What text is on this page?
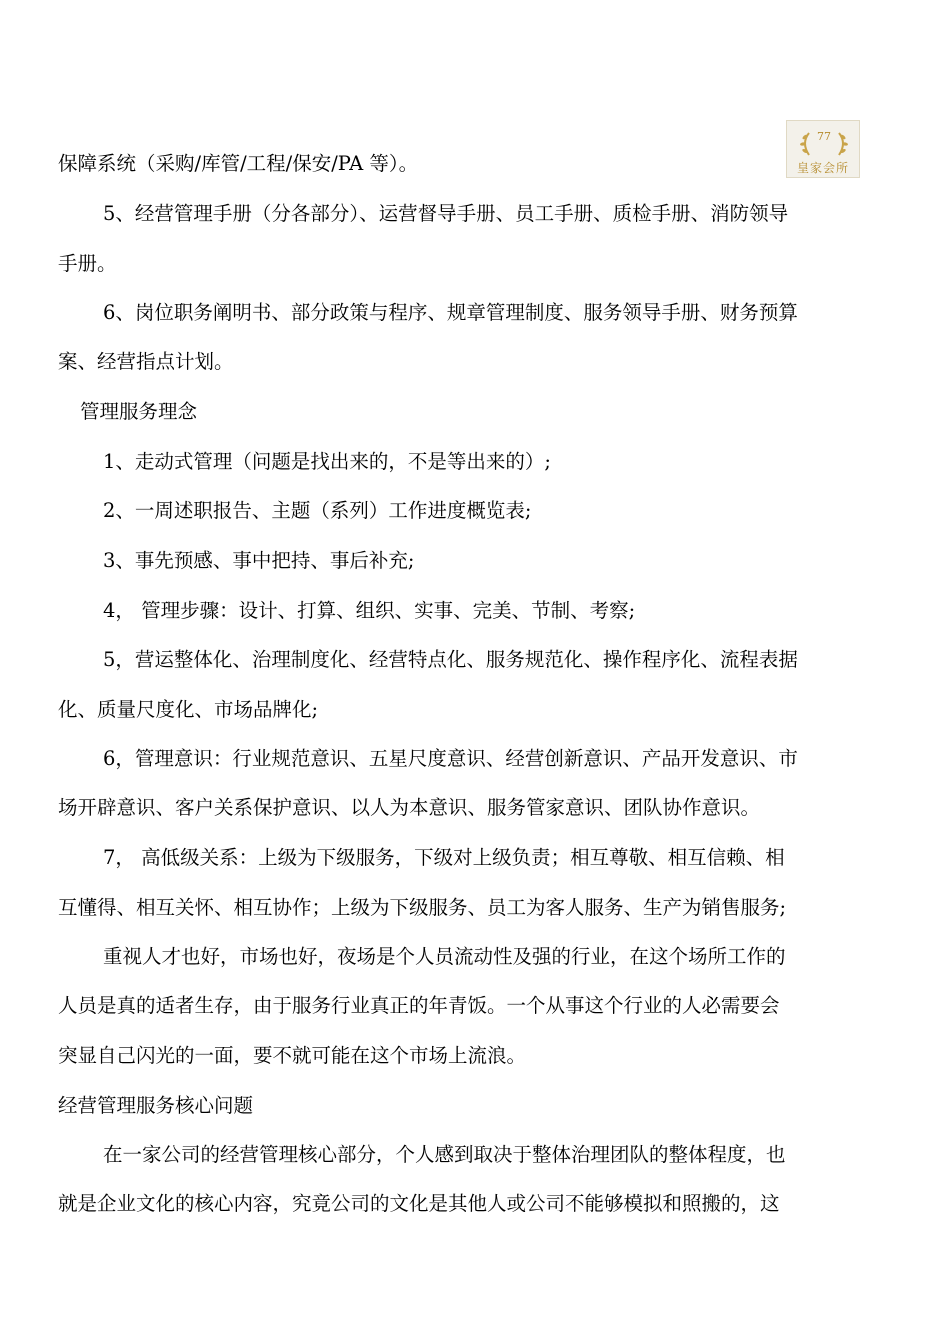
77
皇家会所
保障系统（采购/库管/工程/保安/PA 等）。
5、经营管理手册（分各部分）、运营督导手册、员工手册、质检手册、消防领导
手册。
6、岗位职务阐明书、部分政策与程序、规章管理制度、服务领导手册、财务预算
案、经营指点计划。
管理服务理念
1、走动式管理（问题是找出来的，不是等出来的）;
2、一周述职报告、主题（系列）工作进度概览表;
3、事先预感、事中把持、事后补充;
4， 管理步骤：设计、打算、组织、实事、完美、节制、考察;
5，营运整体化、治理制度化、经营特点化、服务规范化、操作程序化、流程表据
化、质量尺度化、市场品牌化;
6，管理意识：行业规范意识、五星尺度意识、经营创新意识、产品开发意识、市
场开辟意识、客户关系保护意识、以人为本意识、服务管家意识、团队协作意识。
7， 高低级关系：上级为下级服务，下级对上级负责；相互尊敬、相互信赖、相
互懂得、相互关怀、相互协作；上级为下级服务、员工为客人服务、生产为销售服务;
重视人才也好，市场也好，夜场是个人员流动性及强的行业，在这个场所工作的
人员是真的适者生存，由于服务行业真正的年青饭。一个从事这个行业的人必需要会
突显自己闪光的一面，要不就可能在这个市场上流浪。
经营管理服务核心问题
在一家公司的经营管理核心部分，个人感到取决于整体治理团队的整体程度，也
就是企业文化的核心内容，究竟公司的文化是其他人或公司不能够模拟和照搬的，这
